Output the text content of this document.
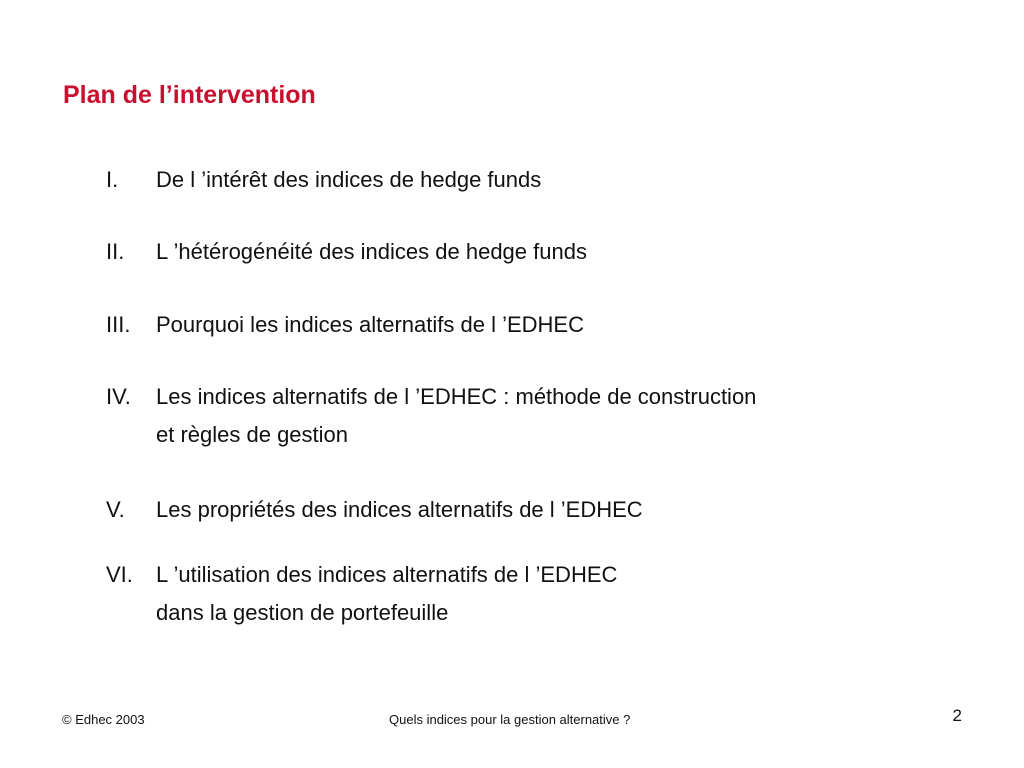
Plan de l’intervention
I. De l ’intérêt des indices de hedge funds
II. L ’hétérogénéité des indices de hedge funds
III. Pourquoi les indices alternatifs de l ’EDHEC
IV. Les indices alternatifs de l ’EDHEC : méthode de construction
et règles de gestion
V. Les propriétés des indices alternatifs de l ’EDHEC
VI. L ’utilisation des indices alternatifs de l ’EDHEC
dans la gestion de portefeuille
© Edhec 2003	Quels indices pour la gestion alternative ?	2
